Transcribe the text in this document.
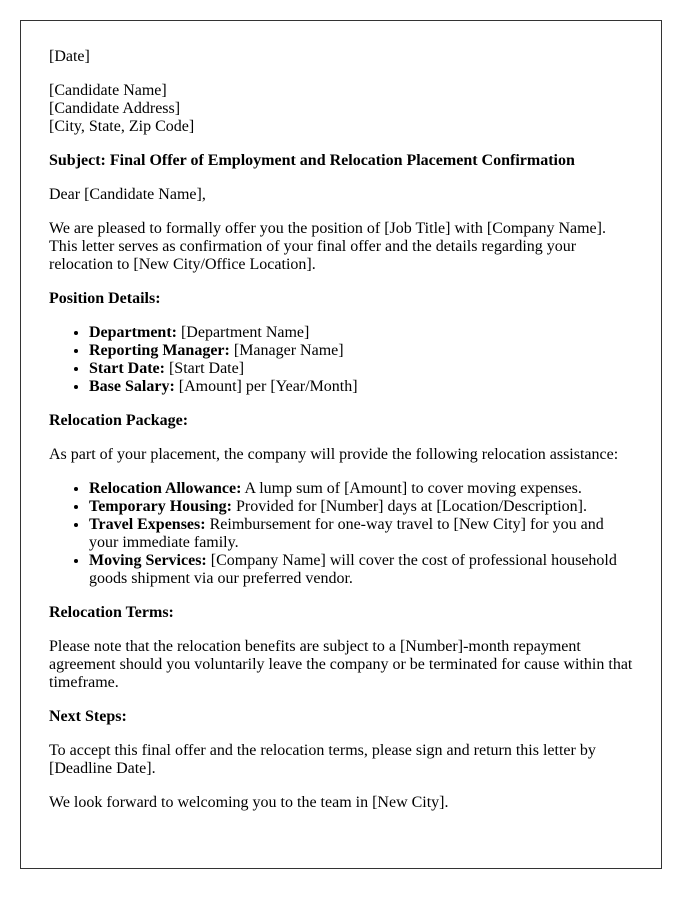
[Date]

[Candidate Name]
[Candidate Address]
[City, State, Zip Code]

Subject: Final Offer of Employment and Relocation Placement Confirmation

Dear [Candidate Name],

We are pleased to formally offer you the position of [Job Title] with [Company Name]. This letter serves as confirmation of your final offer and the details regarding your relocation to [New City/Office Location].

Position Details:

• Department: [Department Name]
• Reporting Manager: [Manager Name]
• Start Date: [Start Date]
• Base Salary: [Amount] per [Year/Month]

Relocation Package:

As part of your placement, the company will provide the following relocation assistance:

• Relocation Allowance: A lump sum of [Amount] to cover moving expenses.
• Temporary Housing: Provided for [Number] days at [Location/Description].
• Travel Expenses: Reimbursement for one-way travel to [New City] for you and your immediate family.
• Moving Services: [Company Name] will cover the cost of professional household goods shipment via our preferred vendor.

Relocation Terms:

Please note that the relocation benefits are subject to a [Number]-month repayment agreement should you voluntarily leave the company or be terminated for cause within that timeframe.

Next Steps:

To accept this final offer and the relocation terms, please sign and return this letter by [Deadline Date].

We look forward to welcoming you to the team in [New City].
